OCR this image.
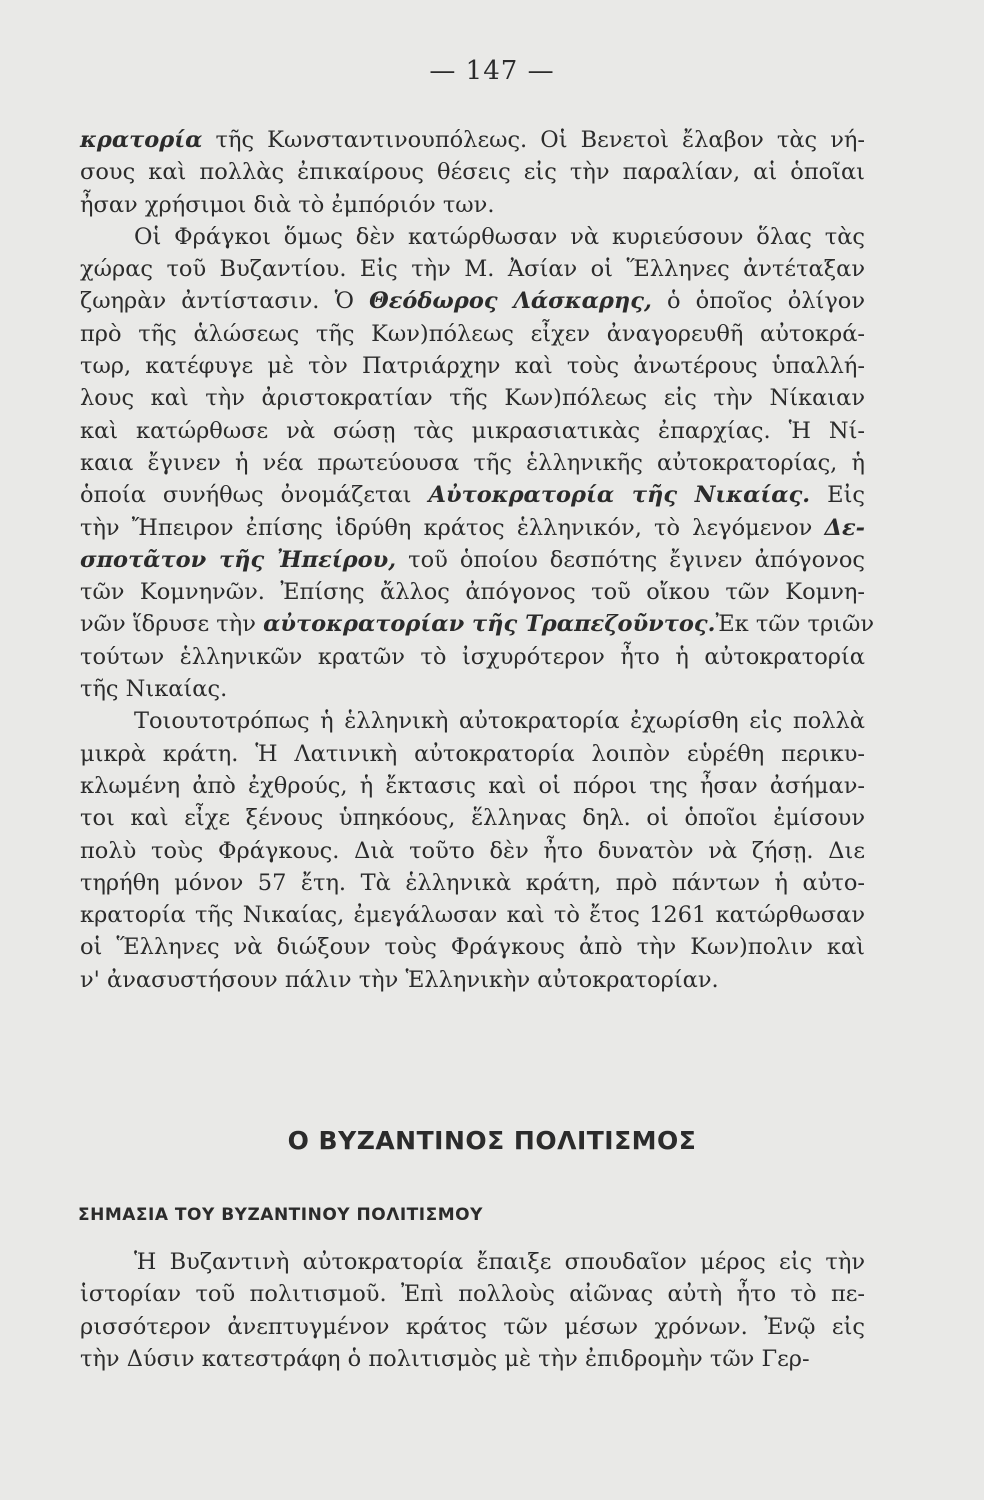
— 147 —

κρατορία τῆς Κωνσταντινουπόλεως. Οἱ Βενετοὶ ἔλαβον τὰς νή-
σους καὶ πολλὰς ἐπικαίρους θέσεις εἰς τὴν παραλίαν, αἱ ὁποῖαι
ἦσαν χρήσιμοι διὰ τὸ ἐμπόριόν των.

Οἱ Φράγκοι ὅμως δὲν κατώρθωσαν νὰ κυριεύσουν ὅλας τὰς
χώρας τοῦ Βυζαντίου. Εἰς τὴν Μ. Ἀσίαν οἱ Ἕλληνες ἀντέταξαν
ζωηρὰν ἀντίστασιν. Ὁ Θεόδωρος Λάσκαρης, ὁ ὁποῖος ὀλίγον
πρὸ τῆς ἁλώσεως τῆς Κων)πόλεως εἶχεν ἀναγορευθῆ αὐτοκρά-
τωρ, κατέφυγε μὲ τὸν Πατριάρχην καὶ τοὺς ἀνωτέρους ὑπαλλή-
λους καὶ τὴν ἀριστοκρατίαν τῆς Κων)πόλεως εἰς τὴν Νίκαιαν
καὶ κατώρθωσε νὰ σώσῃ τὰς μικρασιατικὰς ἐπαρχίας. Ἡ Νί-
καια ἔγινεν ἡ νέα πρωτεύουσα τῆς ἑλληνικῆς αὐτοκρατορίας, ἡ
ὁποία συνήθως ὀνομάζεται Αὐτοκρατορία τῆς Νικαίας. Εἰς
τὴν Ἤπειρον ἐπίσης ἱδρύθη κράτος ἑλληνικόν, τὸ λεγόμενον Δε-
σποτᾶτον τῆς Ἠπείρου, τοῦ ὁποίου δεσπότης ἔγινεν ἀπόγονος
τῶν Κομνηνῶν. Ἐπίσης ἄλλος ἀπόγονος τοῦ οἴκου τῶν Κομνη-
νῶν ἵδρυσε τὴν αὐτοκρατορίαν τῆς Τραπεζοῦντος.Ἐκ τῶν τριῶν
τούτων ἑλληνικῶν κρατῶν τὸ ἰσχυρότερον ἦτο ἡ αὐτοκρατορία
τῆς Νικαίας.

Τοιουτοτρόπως ἡ ἑλληνικὴ αὐτοκρατορία ἐχωρίσθη εἰς πολλὰ
μικρὰ κράτη. Ἡ Λατινικὴ αὐτοκρατορία λοιπὸν εὑρέθη περικυ-
κλωμένη ἀπὸ ἐχθρούς, ἡ ἔκτασις καὶ οἱ πόροι της ἦσαν ἀσήμαν-
τοι καὶ εἶχε ξένους ὑπηκόους, ἕλληνας δηλ. οἱ ὁποῖοι ἐμίσουν
πολὺ τοὺς Φράγκους. Διὰ τοῦτο δὲν ἦτο δυνατὸν νὰ ζήσῃ. Διε
τηρήθη μόνον 57 ἔτη. Τὰ ἑλληνικὰ κράτη, πρὸ πάντων ἡ αὐτο-
κρατορία τῆς Νικαίας, ἐμεγάλωσαν καὶ τὸ ἔτος 1261 κατώρθωσαν
οἱ Ἕλληνες νὰ διώξουν τοὺς Φράγκους ἀπὸ τὴν Κων)πολιν καὶ
ν' ἀνασυστήσουν πάλιν τὴν Ἑλληνικὴν αὐτοκρατορίαν.

Ο ΒΥΖΑΝΤΙΝΟΣ ΠΟΛΙΤΙΣΜΟΣ
ΣΗΜΑΣΙΑ ΤΟΥ ΒΥΖΑΝΤΙΝΟΥ ΠΟΛΙΤΙΣΜΟΥ

Ἡ Βυζαντινὴ αὐτοκρατορία ἔπαιξε σπουδαῖον μέρος εἰς τὴν
ἱστορίαν τοῦ πολιτισμοῦ. Ἐπὶ πολλοὺς αἰῶνας αὐτὴ ἦτο τὸ πε-
ρισσότερον ἀνεπτυγμένον κράτος τῶν μέσων χρόνων. Ἐνῷ εἰς
τὴν Δύσιν κατεστράφη ὁ πολιτισμὸς μὲ τὴν ἐπιδρομὴν τῶν Γερ-
